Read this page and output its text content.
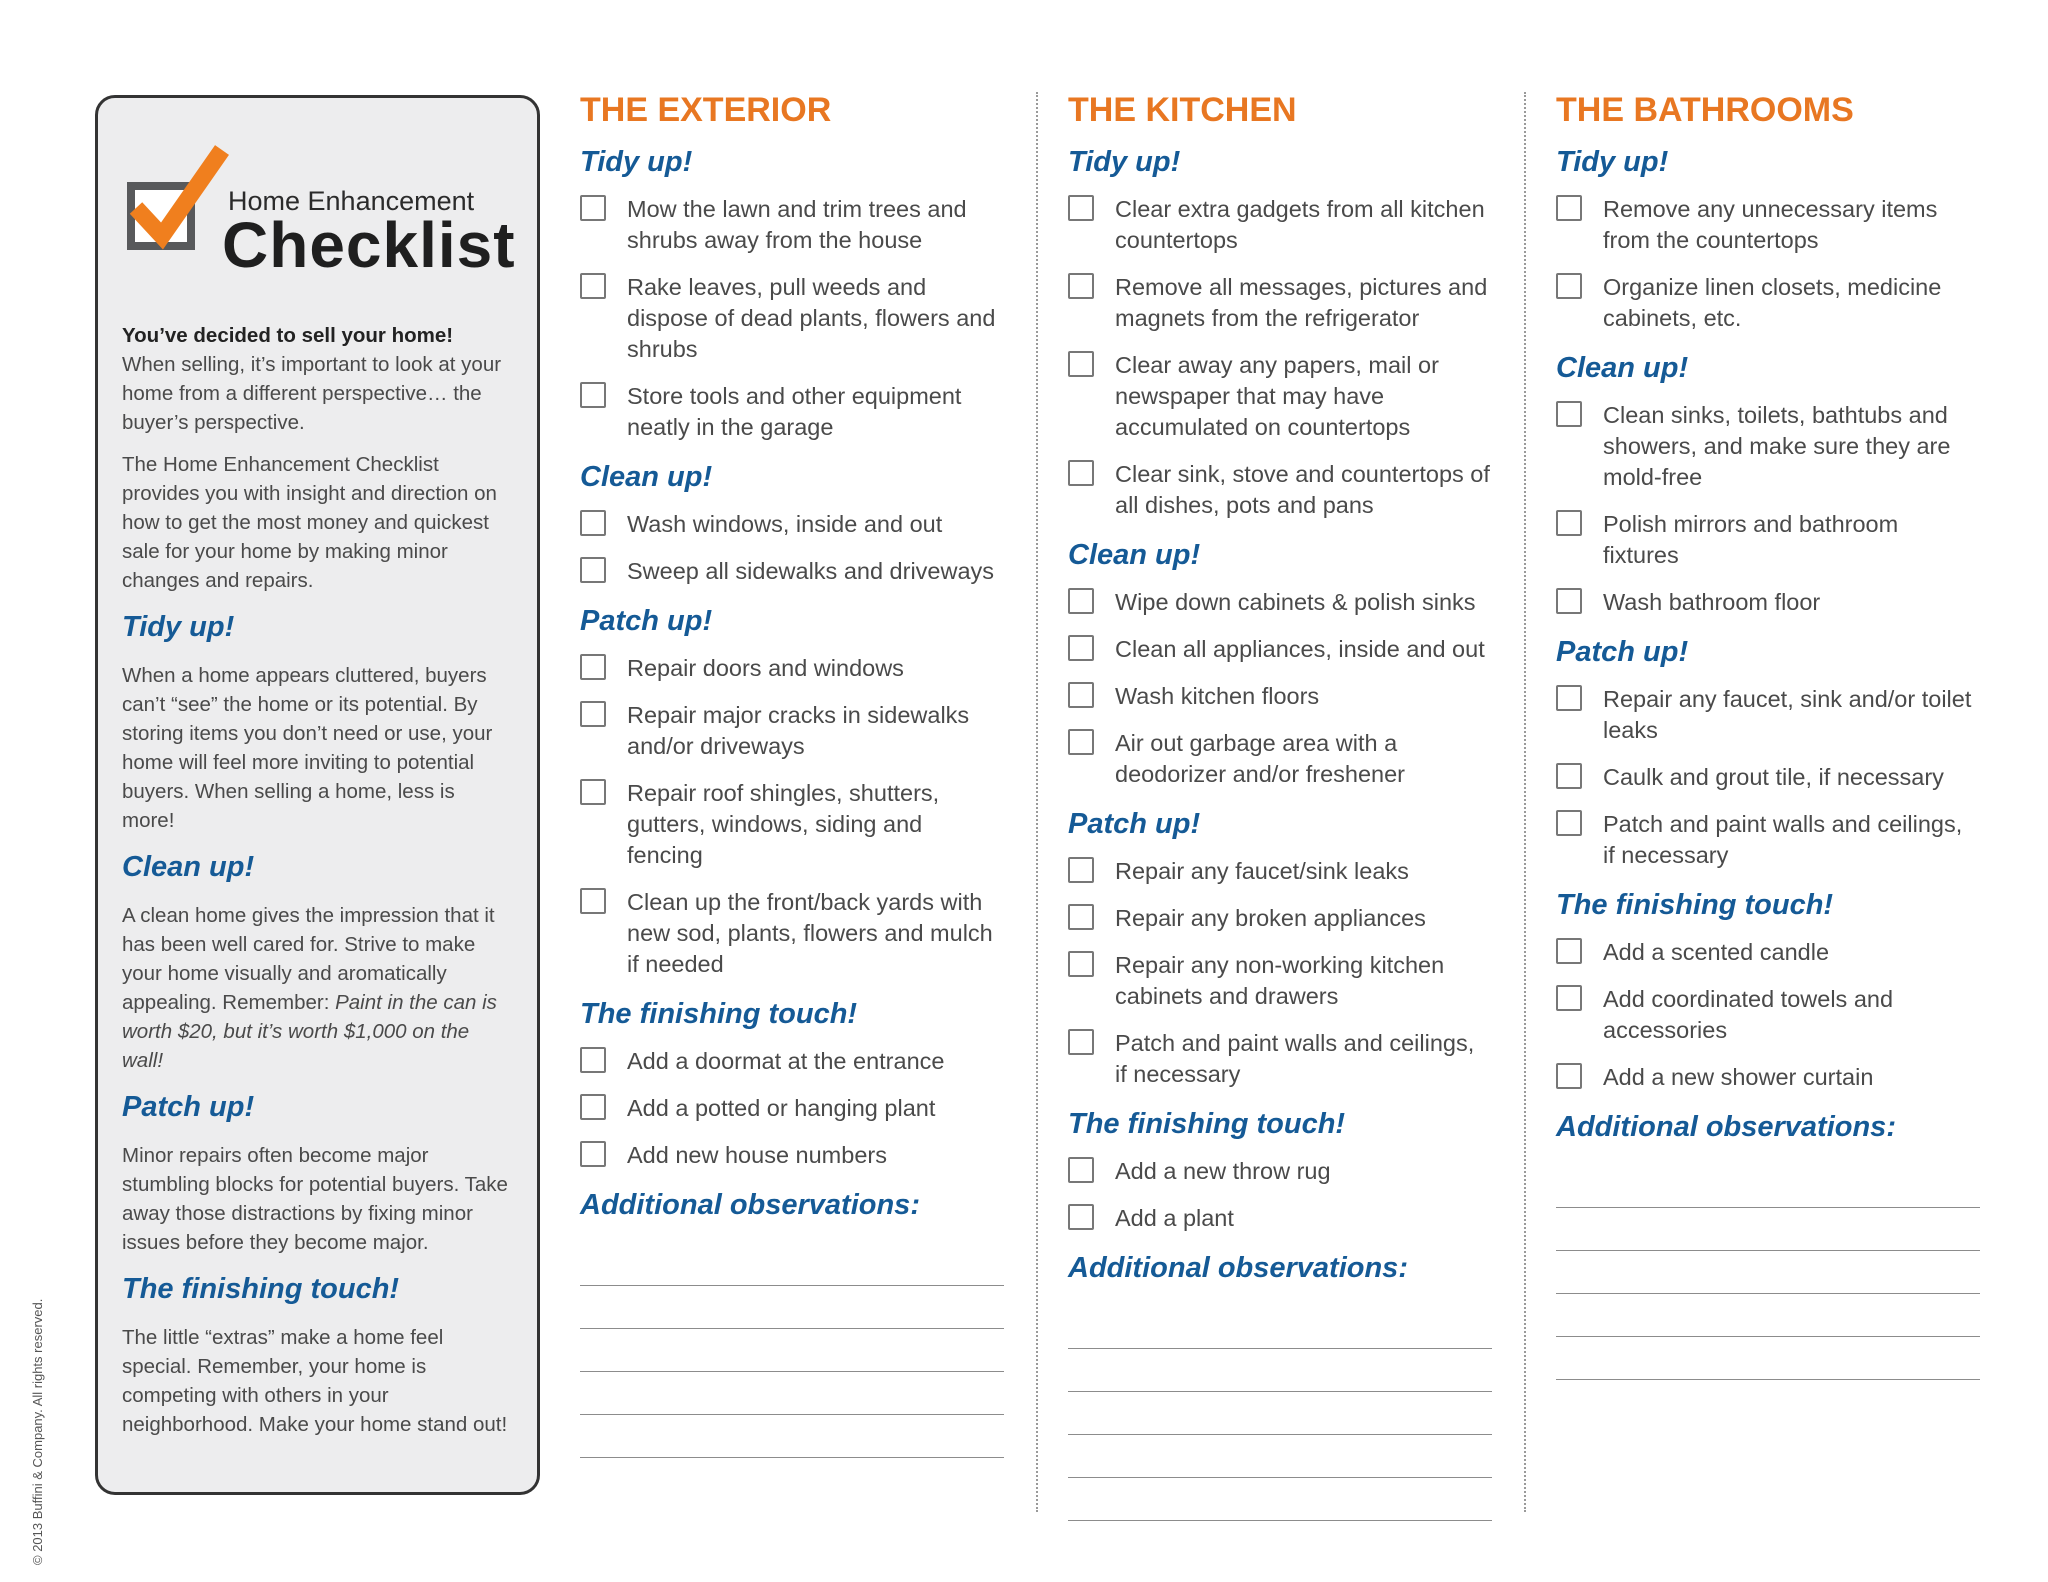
Home Enhancement
Checklist
You’ve decided to sell your home!
When selling, it’s important to look at your home from a different perspective… the buyer’s perspective.
The Home Enhancement Checklist provides you with insight and direction on how to get the most money and quickest sale for your home by making minor changes and repairs.
Tidy up!
When a home appears cluttered, buyers can’t “see” the home or its potential. By storing items you don’t need or use, your home will feel more inviting to potential buyers. When selling a home, less is more!
Clean up!
A clean home gives the impression that it has been well cared for. Strive to make your home visually and aromatically appealing. Remember: Paint in the can is worth $20, but it’s worth $1,000 on the wall!
Patch up!
Minor repairs often become major stumbling blocks for potential buyers. Take away those distractions by fixing minor issues before they become major.
The finishing touch!
The little “extras” make a home feel special. Remember, your home is competing with others in your neighborhood. Make your home stand out!
© 2013 Buffini & Company. All rights reserved.
THE EXTERIOR
Tidy up!
Mow the lawn and trim trees and shrubs away from the house
Rake leaves, pull weeds and dispose of dead plants, flowers and shrubs
Store tools and other equipment neatly in the garage
Clean up!
Wash windows, inside and out
Sweep all sidewalks and driveways
Patch up!
Repair doors and windows
Repair major cracks in sidewalks and/or driveways
Repair roof shingles, shutters, gutters, windows, siding and fencing
Clean up the front/back yards with new sod, plants, flowers and mulch if needed
The finishing touch!
Add a doormat at the entrance
Add a potted or hanging plant
Add new house numbers
Additional observations:
THE KITCHEN
Tidy up!
Clear extra gadgets from all kitchen countertops
Remove all messages, pictures and magnets from the refrigerator
Clear away any papers, mail or newspaper that may have accumulated on countertops
Clear sink, stove and countertops of all dishes, pots and pans
Clean up!
Wipe down cabinets & polish sinks
Clean all appliances, inside and out
Wash kitchen floors
Air out garbage area with a deodorizer and/or freshener
Patch up!
Repair any faucet/sink leaks
Repair any broken appliances
Repair any non-working kitchen cabinets and drawers
Patch and paint walls and ceilings, if necessary
The finishing touch!
Add a new throw rug
Add a plant
Additional observations:
THE BATHROOMS
Tidy up!
Remove any unnecessary items from the countertops
Organize linen closets, medicine cabinets, etc.
Clean up!
Clean sinks, toilets, bathtubs and showers, and make sure they are mold-free
Polish mirrors and bathroom fixtures
Wash bathroom floor
Patch up!
Repair any faucet, sink and/or toilet leaks
Caulk and grout tile, if necessary
Patch and paint walls and ceilings, if necessary
The finishing touch!
Add a scented candle
Add coordinated towels and accessories
Add a new shower curtain
Additional observations:
